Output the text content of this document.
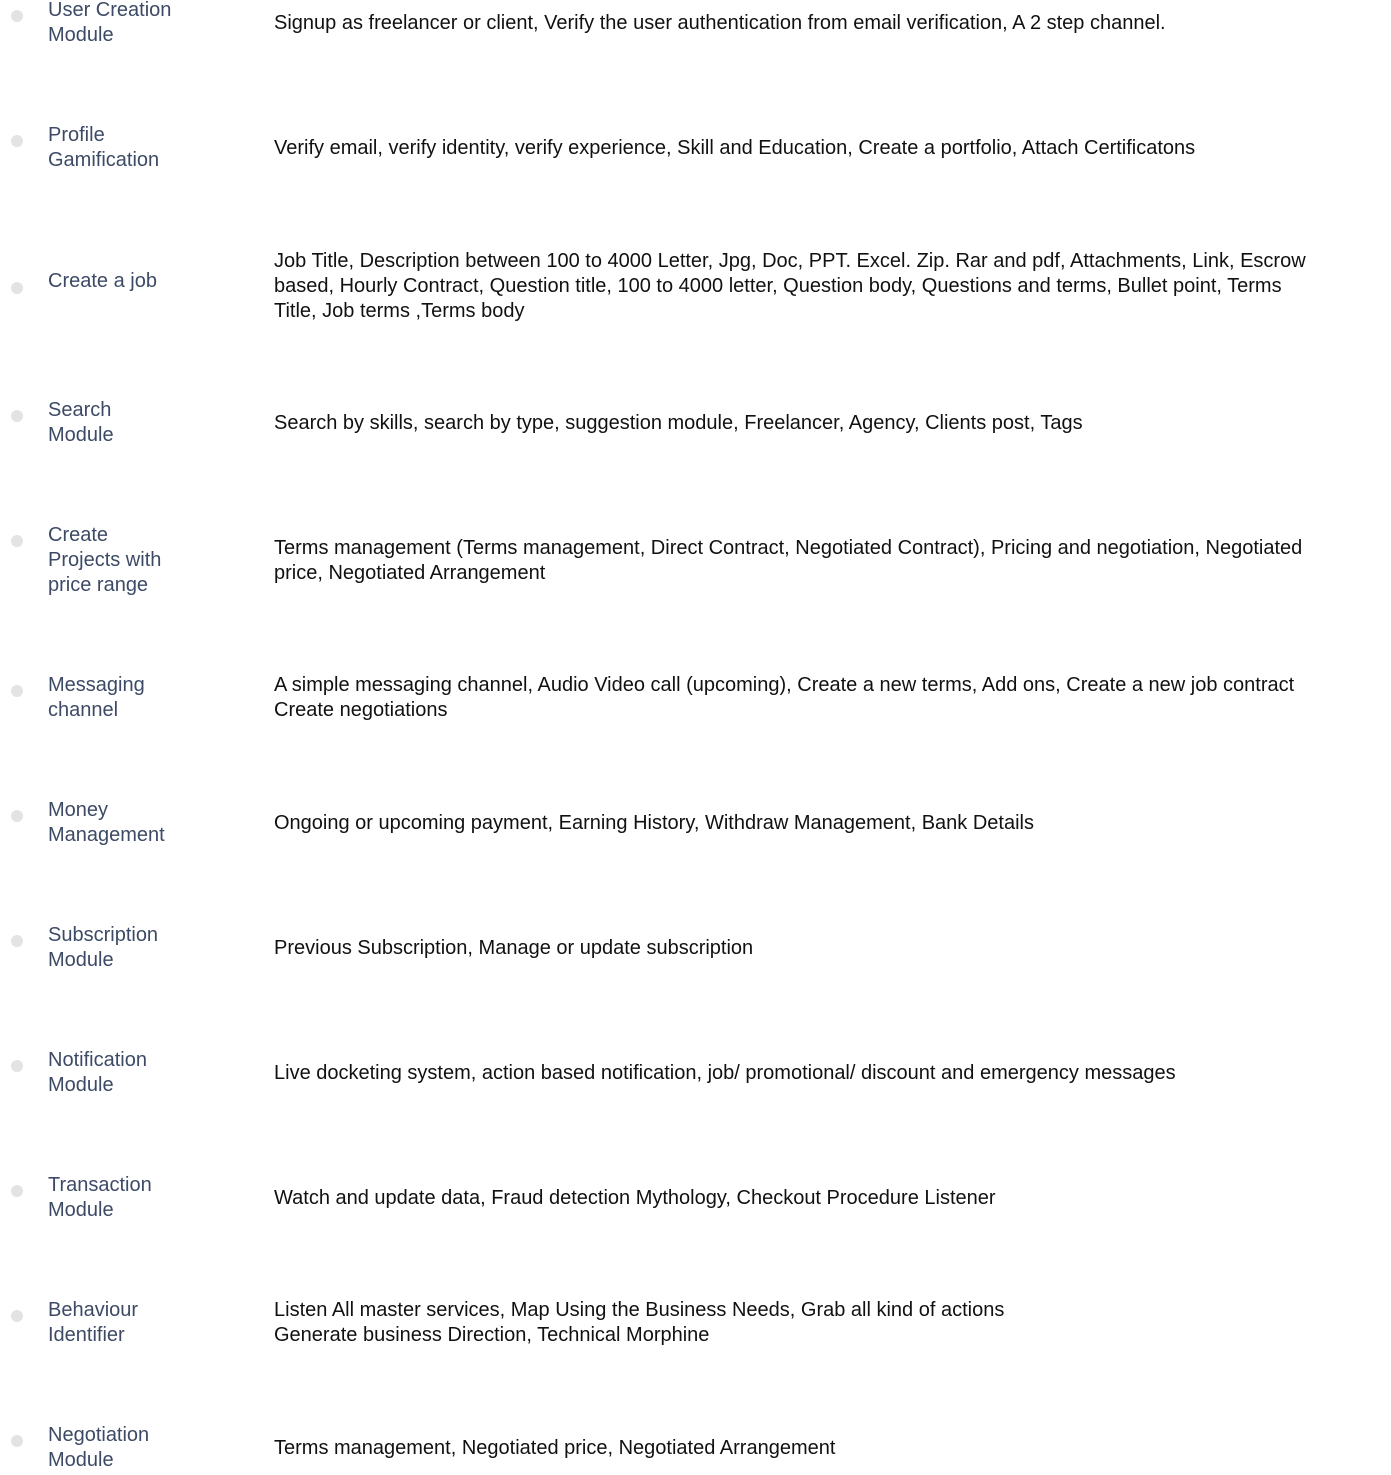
User Creation
Module

Signup as freelancer or client, Verify the user authentication from email verification, A 2 step channel.

Profile
Gamification

Verify email, verify identity, verify experience, Skill and Education, Create a portfolio, Attach Certificatons

Create a job

Job Title, Description between 100 to 4000 Letter, Jpg, Doc, PPT. Excel. Zip. Rar and pdf, Attachments, Link, Escrow
based, Hourly Contract, Question title, 100 to 4000 letter, Question body, Questions and terms, Bullet point, Terms
Title, Job terms ,Terms body

Search
Module

Search by skills, search by type, suggestion module, Freelancer, Agency, Clients post, Tags

Create
Projects with
price range

Terms management (Terms management, Direct Contract, Negotiated Contract), Pricing and negotiation, Negotiated
price, Negotiated Arrangement

Messaging
channel

A simple messaging channel, Audio Video call (upcoming), Create a new terms, Add ons, Create a new job contract
Create negotiations

Money
Management

Ongoing or upcoming payment, Earning History, Withdraw Management, Bank Details

Subscription
Module

Previous Subscription, Manage or update subscription

Notification
Module

Live docketing system, action based notification, job/ promotional/ discount and emergency messages

Transaction
Module

Watch and update data, Fraud detection Mythology, Checkout Procedure Listener

Behaviour
Identifier

Listen All master services, Map Using the Business Needs, Grab all kind of actions
Generate business Direction, Technical Morphine

Negotiation
Module

Terms management, Negotiated price, Negotiated Arrangement
